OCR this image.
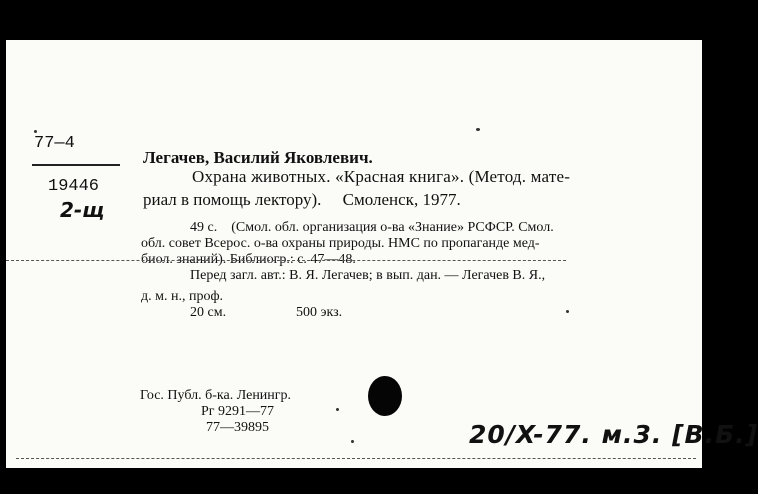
77—4
19446
2-щ
Легачев, Василий Яковлевич.
Охрана животных. «Красная книга». (Метод. мате-
риал в помощь лектору).     Смоленск, 1977.
49 с.    (Смол. обл. организация о-ва «Знание» РСФСР. Смол.
обл. совет Всерос. о-ва охраны природы. НМС по пропаганде мед-
биол. знаний). Библиогр.: с. 47—48.
Перед загл. авт.: В. Я. Легачев; в вып. дан. — Легачев В. Я.,
д. м. н., проф.
20 см.	500 экз.
Гос. Публ. б-ка. Ленингр.
Рг 9291—77
77—39895	20/X-77. м.3. [В.Б.]
